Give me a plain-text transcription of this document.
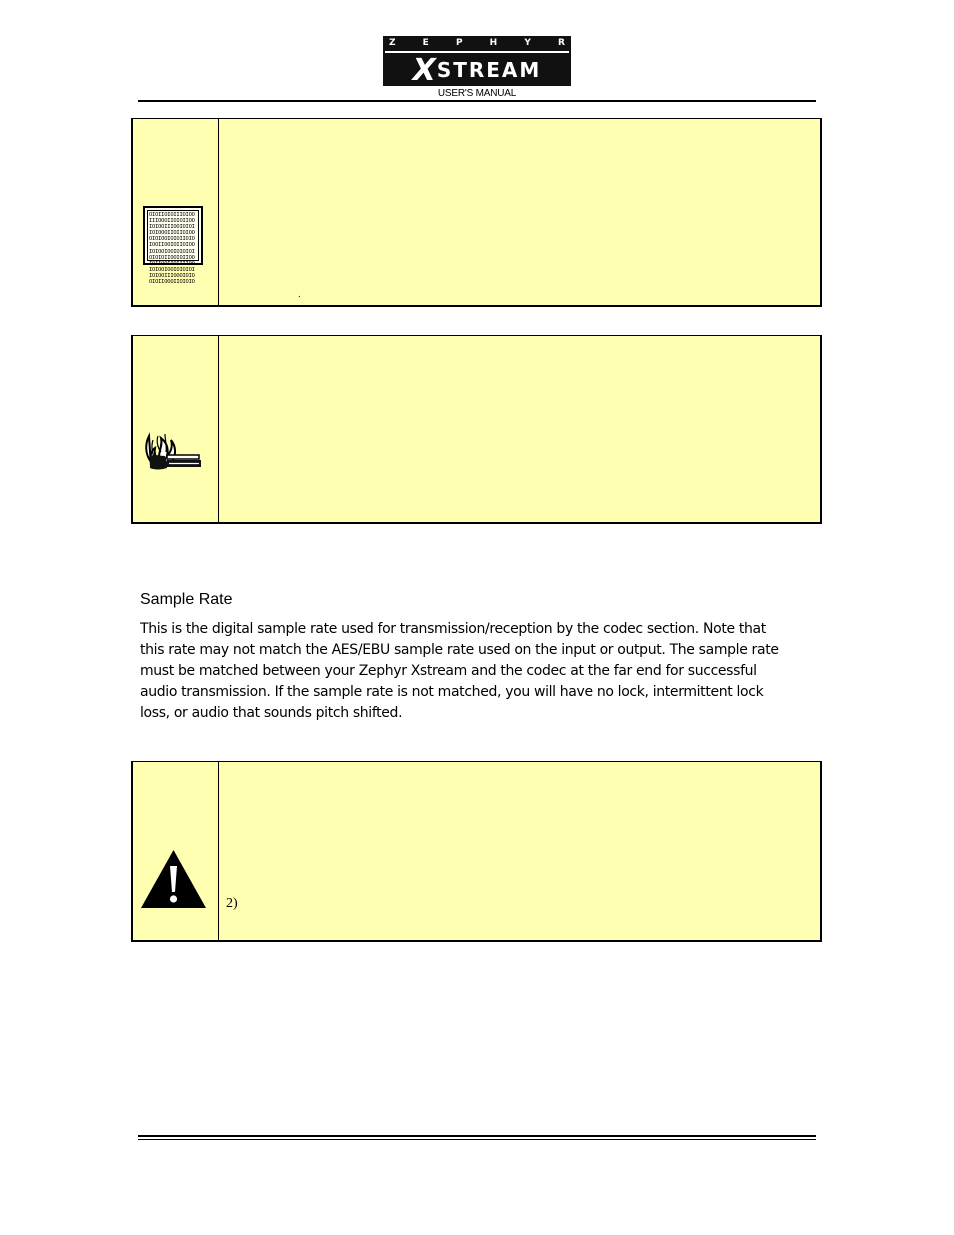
Z	E	P	H	Y	R
X STREAM
USER'S MANUAL
OIOIIOIOIIIOIOO
IIIOOOIIOIOIIOO
IOIOOIIIOOIOIOI
IOIOOOIIOIIOIOO
OIOIOOIOIOIIOIO
IOOIIOOIOIIOIOO
IOIOOIOOIOIOIOI
OIOIOIIOOIOIIOO
IOIIOOIIOIIIIOO
IOIOOIOOIOIOIOI
IOIOOIIIOOOIOIO
OIOIIOOOIIOIOIO
.
Sample Rate
This is the digital sample rate used for transmission/reception by the codec section. Note that
this rate may not match the AES/EBU sample rate used on the input or output. The sample rate
must be matched between your Zephyr Xstream and the codec at the far end for successful
audio transmission. If the sample rate is not matched, you will have no lock, intermittent lock
loss, or audio that sounds pitch shifted.
2)
